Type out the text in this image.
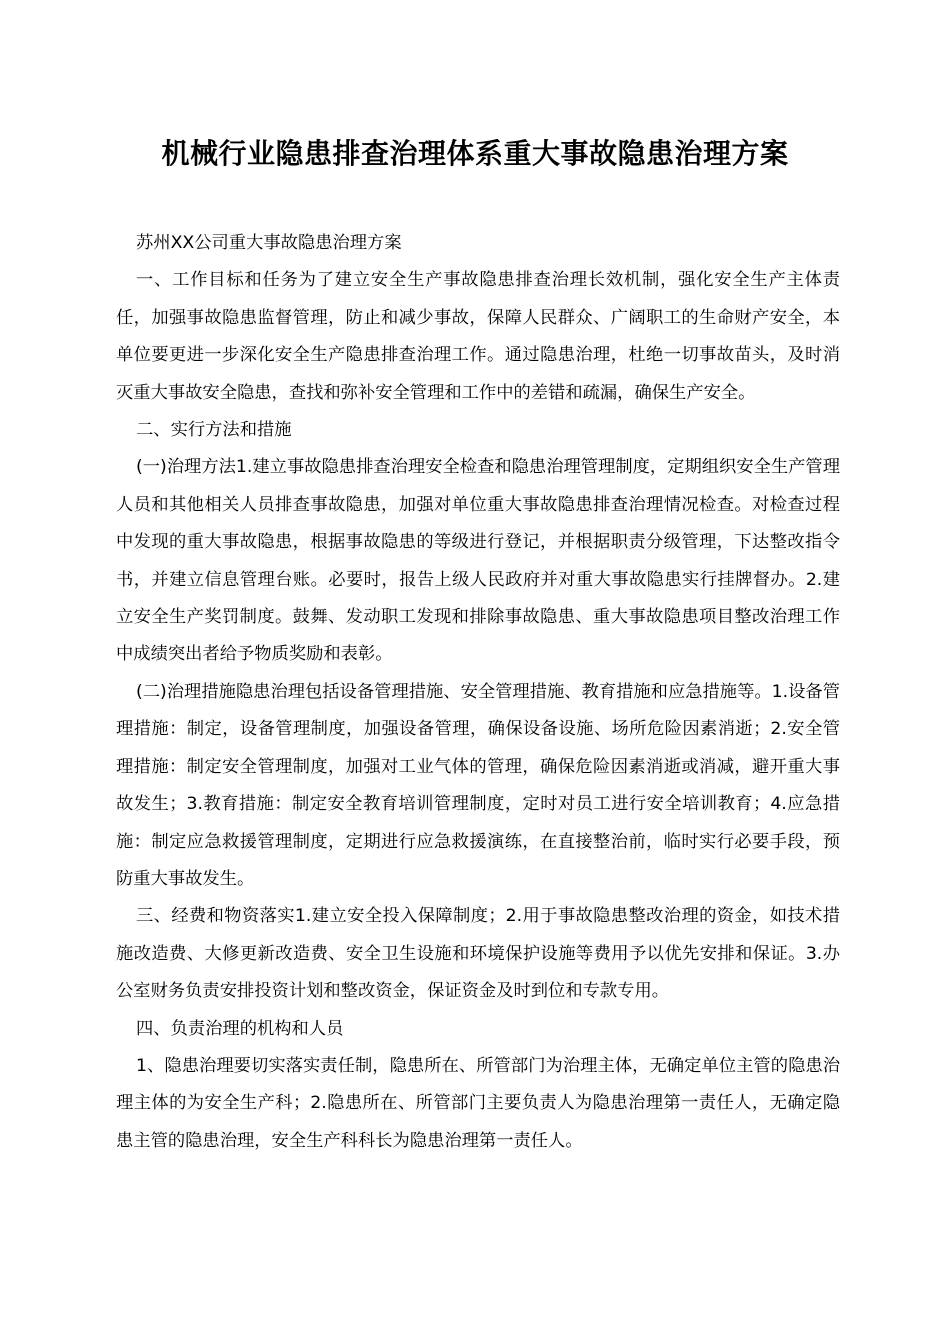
机械行业隐患排查治理体系重大事故隐患治理方案

苏州XX公司重大事故隐患治理方案

一、工作目标和任务为了建立安全生产事故隐患排查治理长效机制，强化安全生产主体责任，加强事故隐患监督管理，防止和减少事故，保障人民群众、广阔职工的生命财产安全，本单位要更进一步深化安全生产隐患排查治理工作。通过隐患治理，杜绝一切事故苗头，及时消灭重大事故安全隐患，查找和弥补安全管理和工作中的差错和疏漏，确保生产安全。

二、实行方法和措施

(一)治理方法1.建立事故隐患排查治理安全检查和隐患治理管理制度，定期组织安全生产管理人员和其他相关人员排查事故隐患，加强对单位重大事故隐患排查治理情况检查。对检查过程中发现的重大事故隐患，根据事故隐患的等级进行登记，并根据职责分级管理，下达整改指令书，并建立信息管理台账。必要时，报告上级人民政府并对重大事故隐患实行挂牌督办。2.建立安全生产奖罚制度。鼓舞、发动职工发现和排除事故隐患、重大事故隐患项目整改治理工作中成绩突出者给予物质奖励和表彰。

(二)治理措施隐患治理包括设备管理措施、安全管理措施、教育措施和应急措施等。1.设备管理措施：制定，设备管理制度，加强设备管理，确保设备设施、场所危险因素消逝；2.安全管理措施：制定安全管理制度，加强对工业气体的管理，确保危险因素消逝或消减，避开重大事故发生；3.教育措施：制定安全教育培训管理制度，定时对员工进行安全培训教育；4.应急措施：制定应急救援管理制度，定期进行应急救援演练，在直接整治前，临时实行必要手段，预防重大事故发生。

三、经费和物资落实1.建立安全投入保障制度；2.用于事故隐患整改治理的资金，如技术措施改造费、大修更新改造费、安全卫生设施和环境保护设施等费用予以优先安排和保证。3.办公室财务负责安排投资计划和整改资金，保证资金及时到位和专款专用。

四、负责治理的机构和人员

1、隐患治理要切实落实责任制，隐患所在、所管部门为治理主体，无确定单位主管的隐患治理主体的为安全生产科；2.隐患所在、所管部门主要负责人为隐患治理第一责任人，无确定隐患主管的隐患治理，安全生产科科长为隐患治理第一责任人。
